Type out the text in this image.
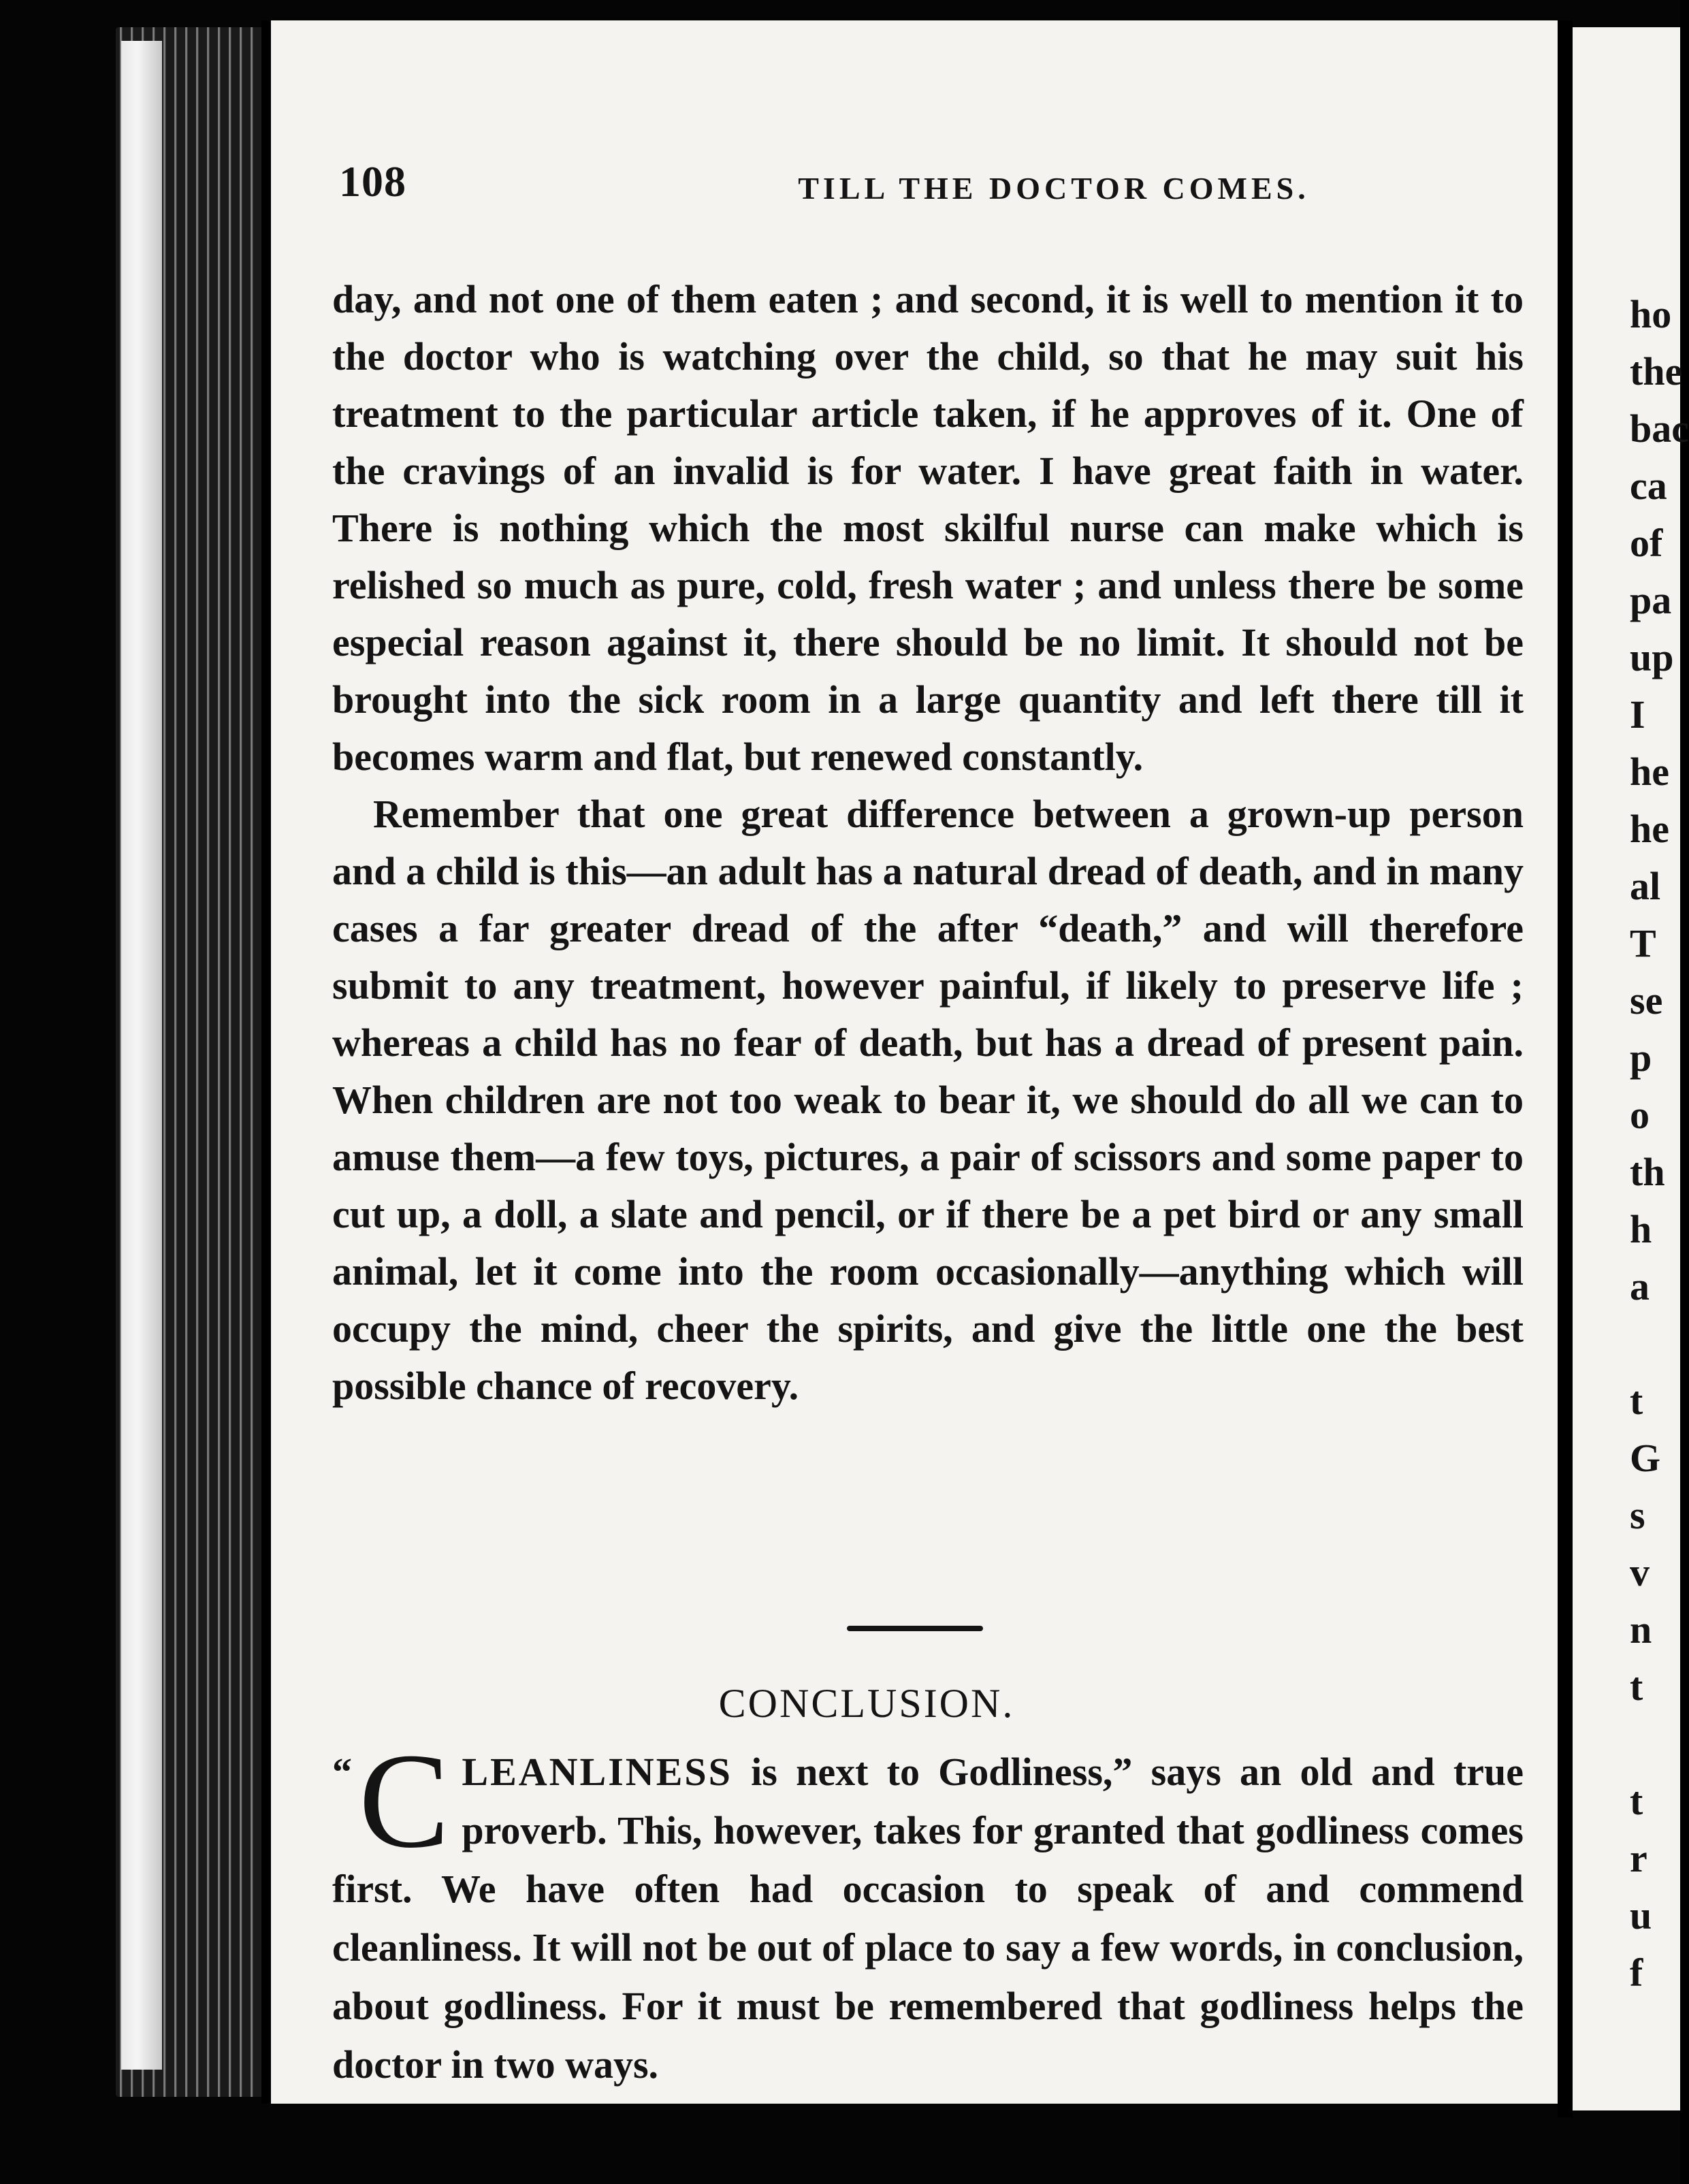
108	TILL THE DOCTOR COMES.

day, and not one of them eaten ; and second, it is well to mention it to the doctor who is watching over the child, so that he may suit his treatment to the particular article taken, if he approves of it. One of the cravings of an invalid is for water. I have great faith in water. There is nothing which the most skilful nurse can make which is relished so much as pure, cold, fresh water ; and unless there be some especial reason against it, there should be no limit. It should not be brought into the sick room in a large quantity and left there till it becomes warm and flat, but renewed constantly.

Remember that one great difference between a grown-up person and a child is this—an adult has a natural dread of death, and in many cases a far greater dread of the after “death,” and will therefore submit to any treatment, however painful, if likely to preserve life ; whereas a child has no fear of death, but has a dread of present pain. When children are not too weak to bear it, we should do all we can to amuse them—a few toys, pictures, a pair of scissors and some paper to cut up, a doll, a slate and pencil, or if there be a pet bird or any small animal, let it come into the room occasionally—anything which will occupy the mind, cheer the spirits, and give the little one the best possible chance of recovery.

CONCLUSION.

“ C LEANLINESS is next to Godliness,” says an old and true proverb. This, however, takes for granted that godliness comes first. We have often had occasion to speak of and commend cleanliness. It will not be out of place to say a few words, in conclusion, about godliness. For it must be remembered that godliness helps the doctor in two ways.

ho
the
bac
ca
of
pa
up
I
he
he
al
T
se
p
o
th
h
a

t
G
s
v
n
t

t
r
u
f
